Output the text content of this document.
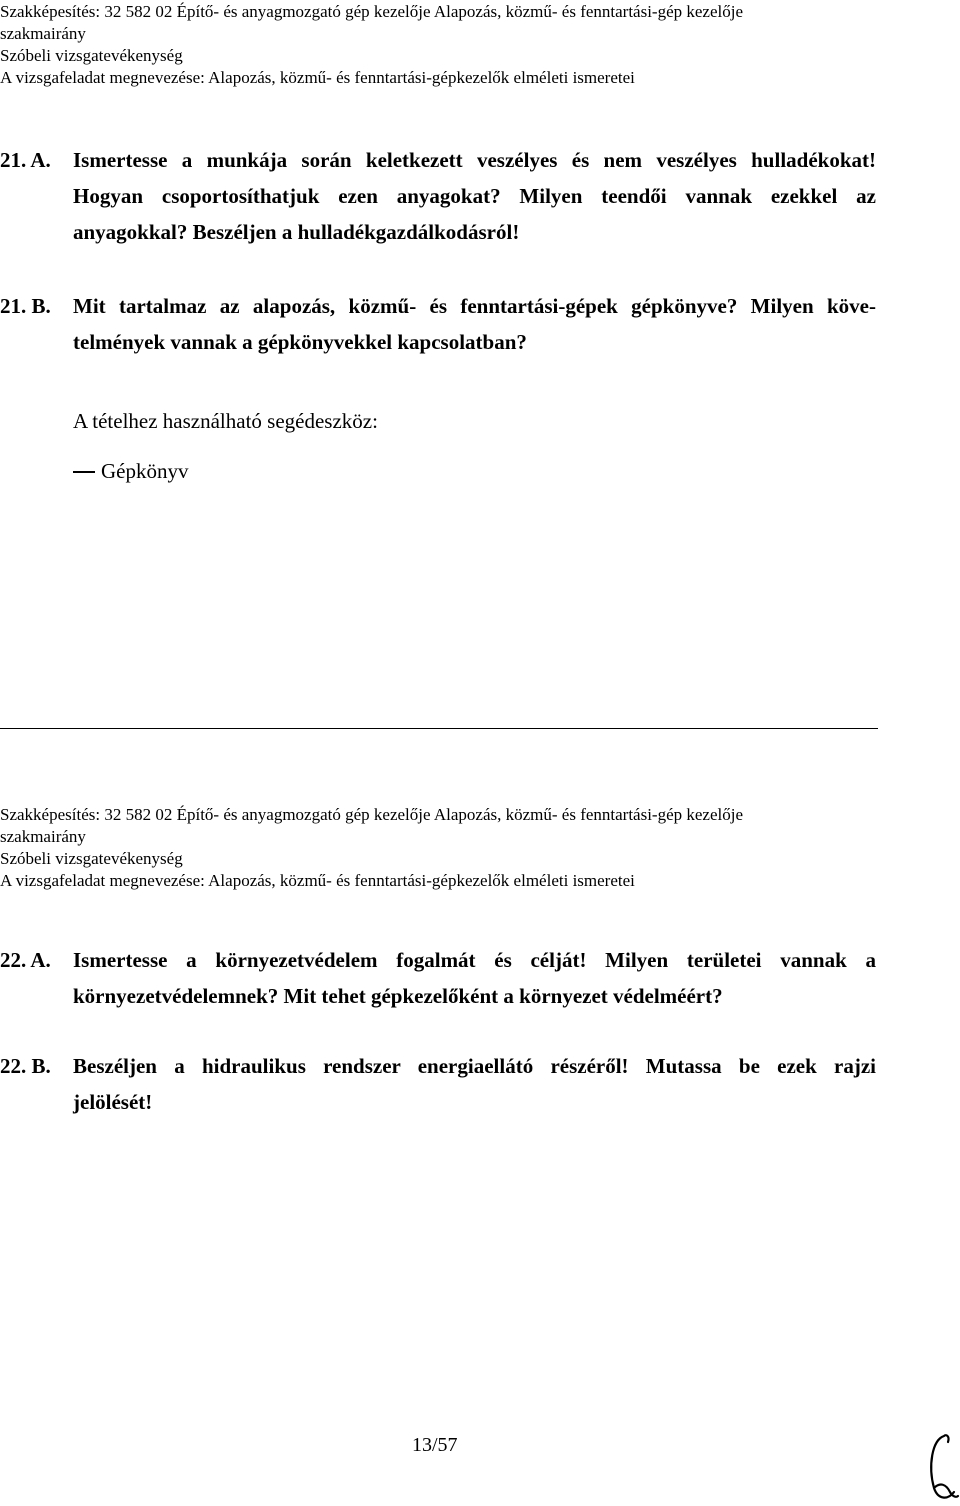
Szakképesítés: 32 582 02 Építő- és anyagmozgató gép kezelője Alapozás, közmű- és fenntartási-gép kezelője
szakmairány
Szóbeli vizsgatevékenység
A vizsgafeladat megnevezése: Alapozás, közmű- és fenntartási-gépkezelők elméleti ismeretei
21. A.	Ismertesse a munkája során keletkezett veszélyes és nem veszélyes hulladékokat!
Hogyan csoportosíthatjuk ezen anyagokat? Milyen teendői vannak ezekkel az
anyagokkal? Beszéljen a hulladékgazdálkodásról!
21. B.	Mit tartalmaz az alapozás, közmű- és fenntartási-gépek gépkönyve? Milyen köve-
telmények vannak a gépkönyvekkel kapcsolatban?
A tételhez használható segédeszköz:
Gépkönyv
Szakképesítés: 32 582 02 Építő- és anyagmozgató gép kezelője Alapozás, közmű- és fenntartási-gép kezelője
szakmairány
Szóbeli vizsgatevékenység
A vizsgafeladat megnevezése: Alapozás, közmű- és fenntartási-gépkezelők elméleti ismeretei
22. A.	Ismertesse a környezetvédelem fogalmát és célját! Milyen területei vannak a
környezetvédelemnek? Mit tehet gépkezelőként a környezet védelméért?
22. B.	Beszéljen a hidraulikus rendszer energiaellátó részéről! Mutassa be ezek rajzi
jelölését!
13/57
